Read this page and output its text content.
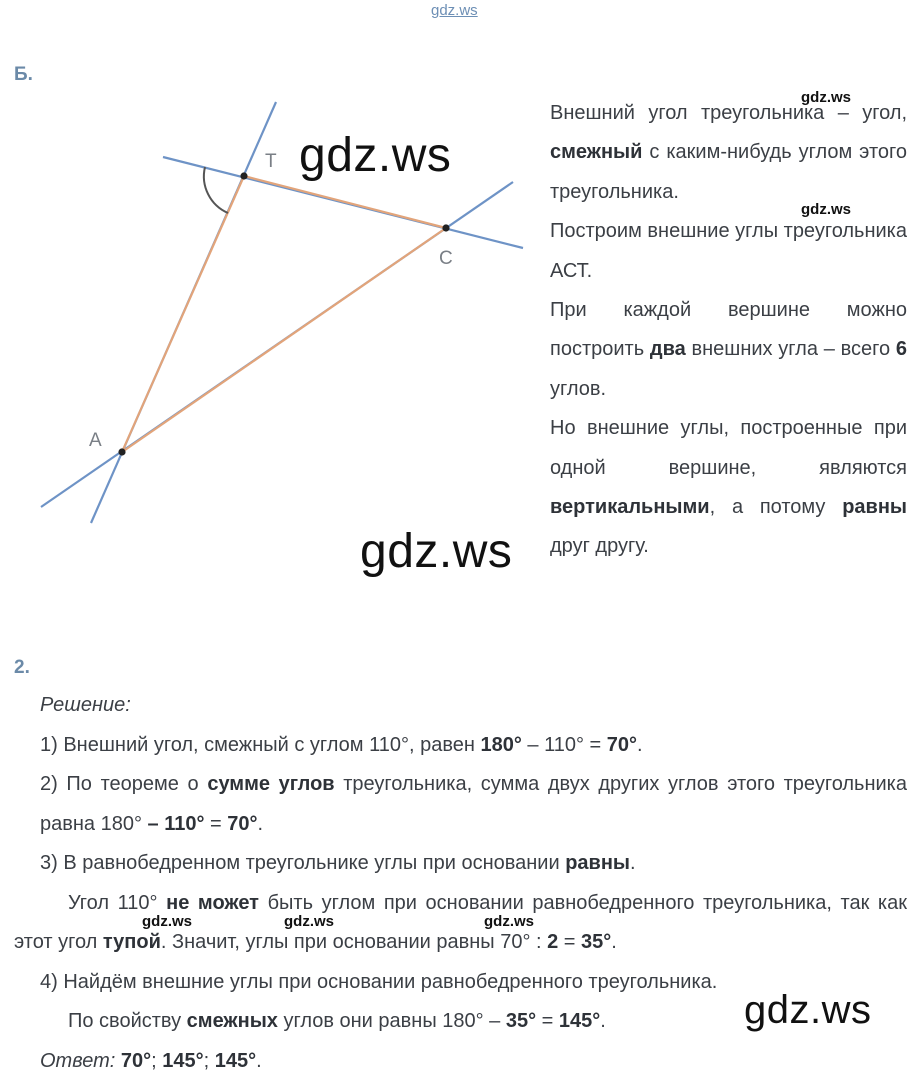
gdz.ws
Б.
T
C
A

Внешний угол треугольника – угол, смежный с каким-нибудь углом этого треугольника.

Построим внешние углы треугольника АСТ.

При каждой вершине можно построить два внешних угла – всего 6 углов.

Но внешние углы, построенные при одной вершине, являются вертикальными, а потому равны друг другу.

2.

Решение:

1) Внешний угол, смежный с углом 110°, равен 180° – 110° = 70°.

2) По теореме о сумме углов треугольника, сумма двух других углов этого треугольника равна 180° – 110° = 70°.

3) В равнобедренном треугольнике углы при основании равны.

Угол 110° не может быть углом при основании равнобедренного треугольника, так как этот угол тупой. Значит, углы при основании равны 70° : 2 = 35°.

4) Найдём внешние углы при основании равнобедренного треугольника.

По свойству смежных углов они равны 180° – 35° = 145°.

Ответ: 70°; 145°; 145°.

gdz.ws
gdz.ws
gdz.ws	gdz.ws	gdz.ws
gdz.ws
gdz.ws
gdz.ws
